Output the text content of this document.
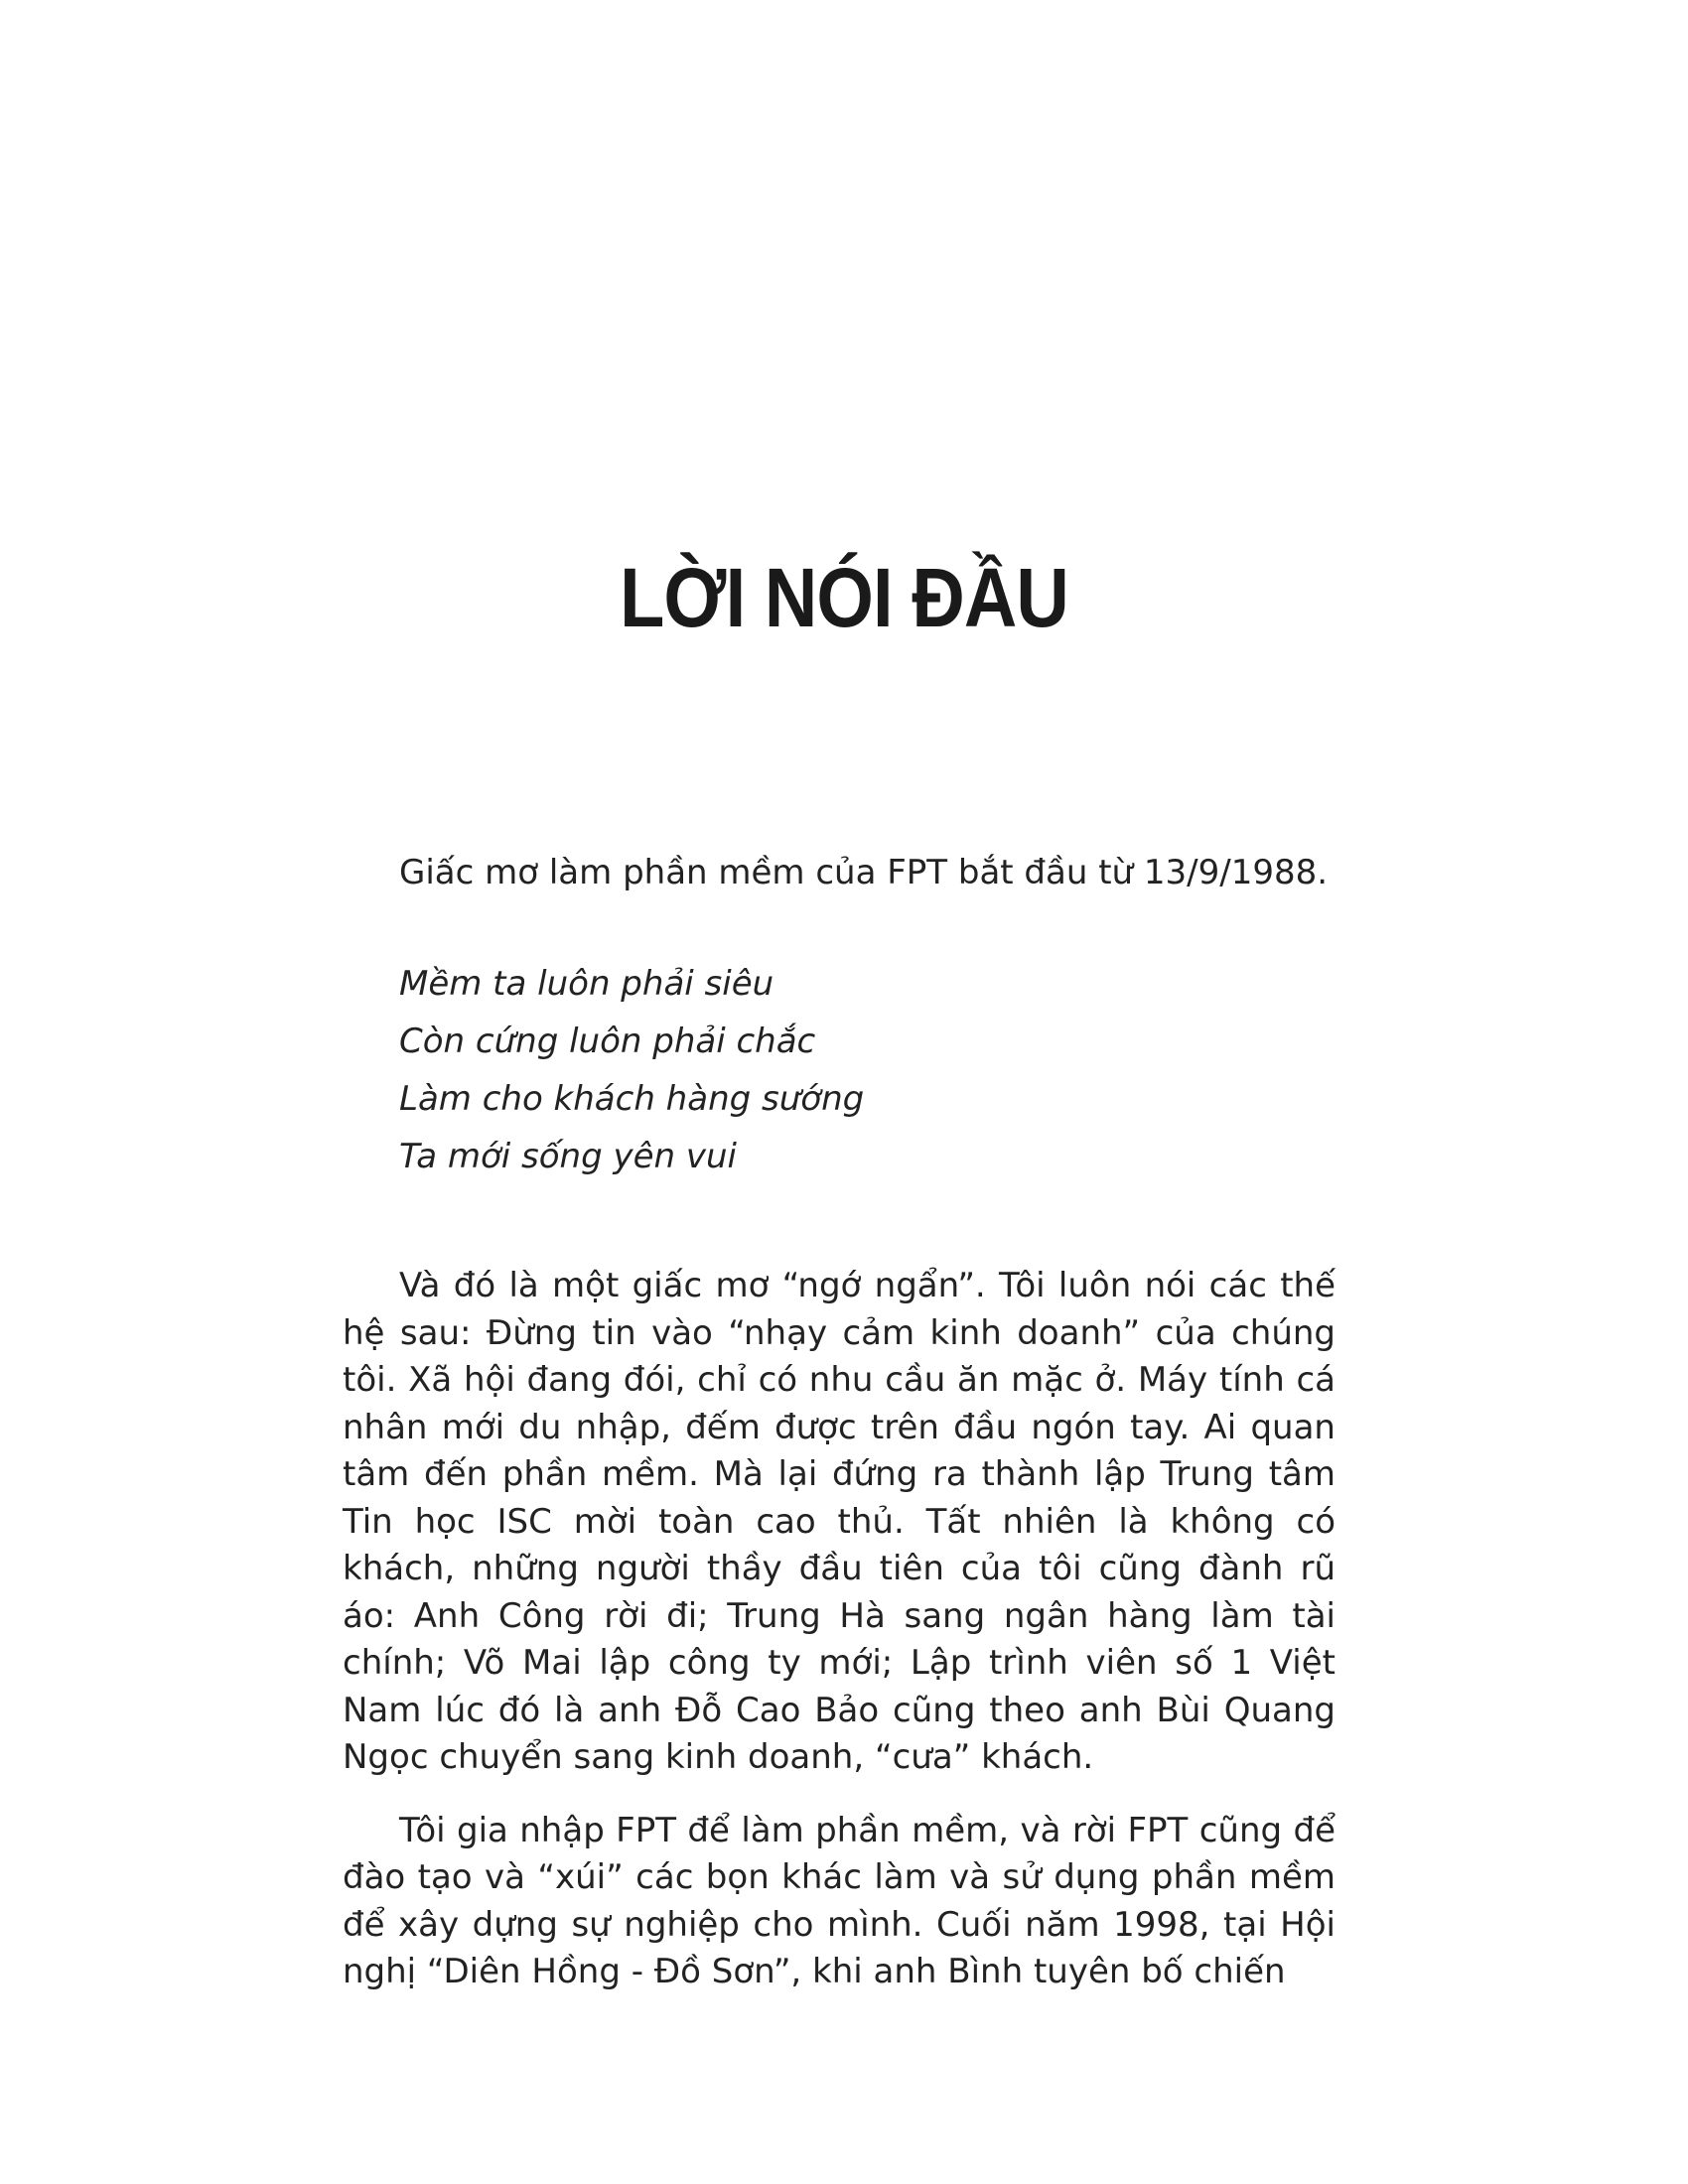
LỜI NÓI ĐẦU
Giấc mơ làm phần mềm của FPT bắt đầu từ 13/9/1988.
Mềm ta luôn phải siêu
Còn cứng luôn phải chắc
Làm cho khách hàng sướng
Ta mới sống yên vui

Và đó là một giấc mơ “ngớ ngẩn”. Tôi luôn nói các thế hệ sau: Đừng tin vào “nhạy cảm kinh doanh” của chúng tôi. Xã hội đang đói, chỉ có nhu cầu ăn mặc ở. Máy tính cá nhân mới du nhập, đếm được trên đầu ngón tay. Ai quan tâm đến phần mềm. Mà lại đứng ra thành lập Trung tâm Tin học ISC mời toàn cao thủ. Tất nhiên là không có khách, những người thầy đầu tiên của tôi cũng đành rũ áo: Anh Công rời đi; Trung Hà sang ngân hàng làm tài chính; Võ Mai lập công ty mới; Lập trình viên số 1 Việt Nam lúc đó là anh Đỗ Cao Bảo cũng theo anh Bùi Quang Ngọc chuyển sang kinh doanh, “cưa” khách.

Tôi gia nhập FPT để làm phần mềm, và rời FPT cũng để đào tạo và “xúi” các bọn khác làm và sử dụng phần mềm để xây dựng sự nghiệp cho mình. Cuối năm 1998, tại Hội nghị “Diên Hồng - Đồ Sơn”, khi anh Bình tuyên bố chiến
